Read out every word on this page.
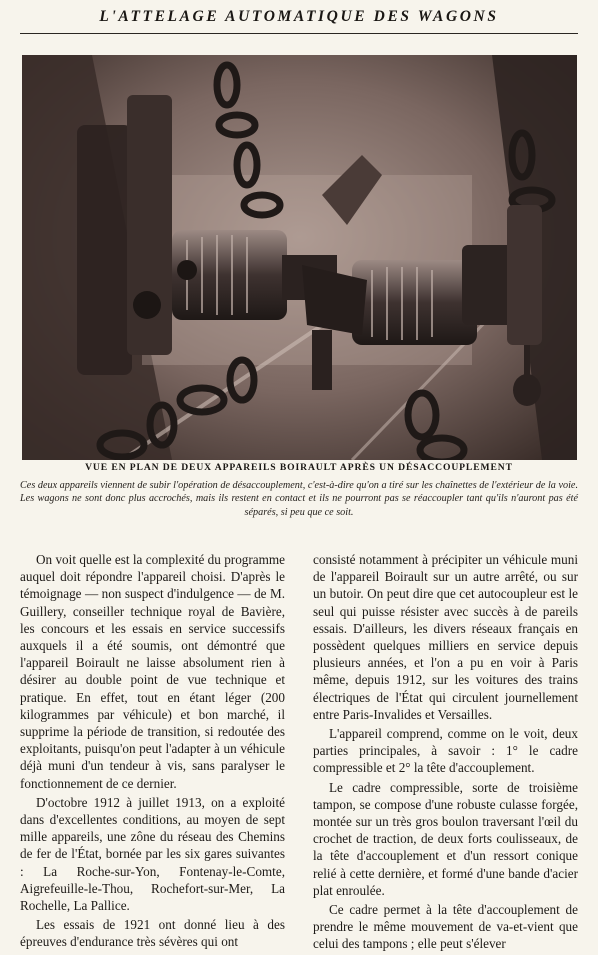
L'ATTELAGE AUTOMATIQUE DES WAGONS
VUE EN PLAN DE DEUX APPAREILS BOIRAULT APRÈS UN DÉSACCOUPLEMENT
Ces deux appareils viennent de subir l'opération de désaccouplement, c'est-à-dire qu'on a tiré sur les chaînettes de l'extérieur de la voie. Les wagons ne sont donc plus accrochés, mais ils restent en contact et ils ne pourront pas se réaccoupler tant qu'ils n'auront pas été séparés, si peu que ce soit.

On voit quelle est la complexité du programme auquel doit répondre l'appareil choisi. D'après le témoignage — non suspect d'indulgence — de M. Guillery, conseiller technique royal de Bavière, les concours et les essais en service successifs auxquels il a été soumis, ont démontré que l'appareil Boirault ne laisse absolument rien à désirer au double point de vue technique et pratique. En effet, tout en étant léger (200 kilogrammes par véhicule) et bon marché, il supprime la période de transition, si redoutée des exploitants, puisqu'on peut l'adapter à un véhicule déjà muni d'un tendeur à vis, sans paralyser le fonctionnement de ce dernier.

D'octobre 1912 à juillet 1913, on a exploité dans d'excellentes conditions, au moyen de sept mille appareils, une zône du réseau des Chemins de fer de l'État, bornée par les six gares suivantes : La Roche-sur-Yon, Fontenay-le-Comte, Aigrefeuille-le-Thou, Rochefort-sur-Mer, La Rochelle, La Pallice.

Les essais de 1921 ont donné lieu à des épreuves d'endurance très sévères qui ont

consisté notamment à précipiter un véhicule muni de l'appareil Boirault sur un autre arrêté, ou sur un butoir. On peut dire que cet autocoupleur est le seul qui puisse résister avec succès à de pareils essais. D'ailleurs, les divers réseaux français en possèdent quelques milliers en service depuis plusieurs années, et l'on a pu en voir à Paris même, depuis 1912, sur les voitures des trains électriques de l'État qui circulent journellement entre Paris-Invalides et Versailles.

L'appareil comprend, comme on le voit, deux parties principales, à savoir : 1° le cadre compressible et 2° la tête d'accouplement.

Le cadre compressible, sorte de troisième tampon, se compose d'une robuste culasse forgée, montée sur un très gros boulon traversant l'œil du crochet de traction, de deux forts coulisseaux, de la tête d'accouplement et d'un ressort conique relié à cette dernière, et formé d'une bande d'acier plat enroulée.

Ce cadre permet à la tête d'accouplement de prendre le même mouvement de va-et-vient que celui des tampons ; elle peut s'élever
